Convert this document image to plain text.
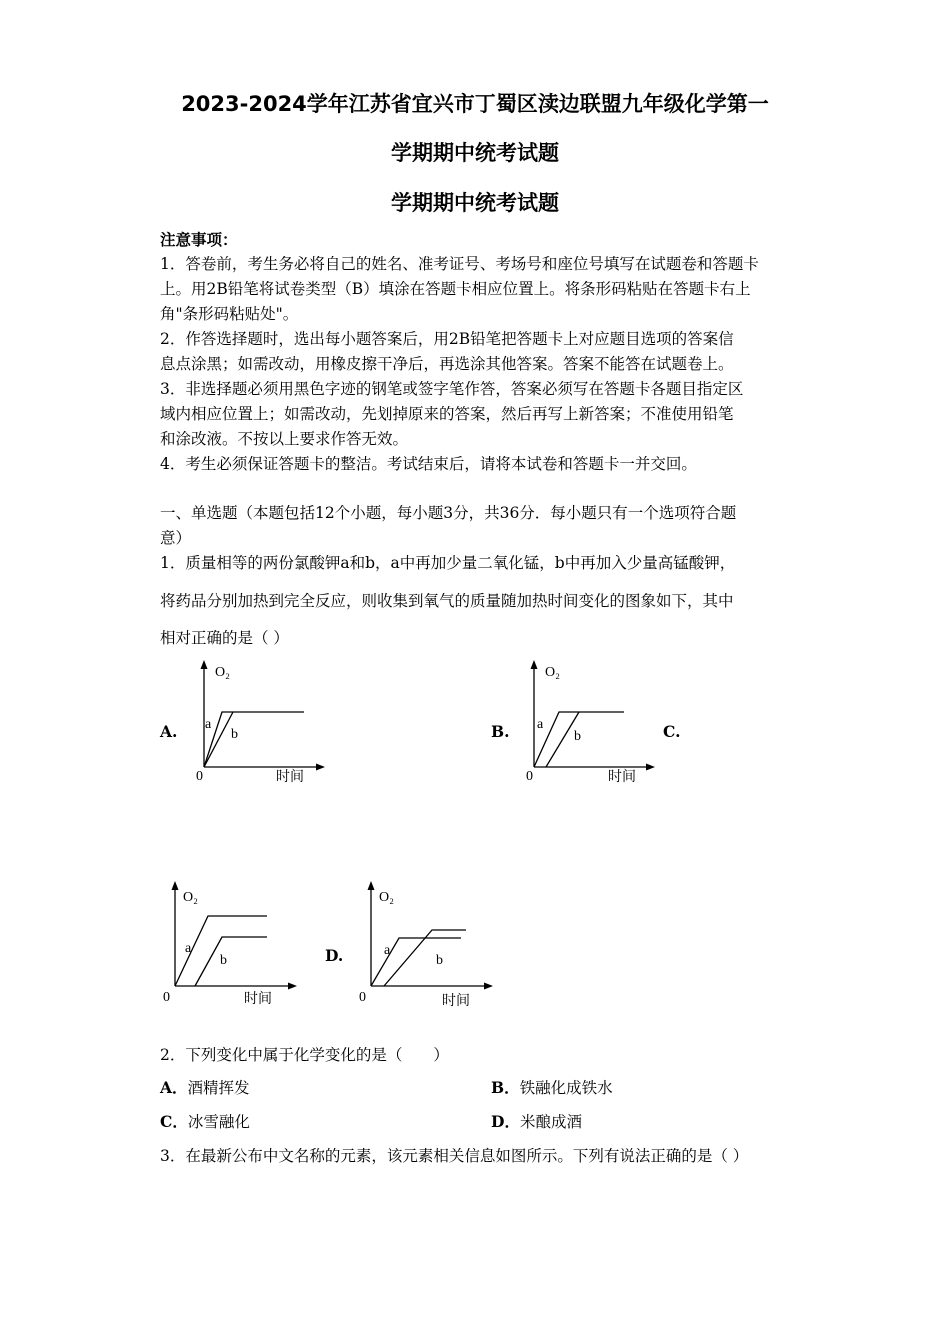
2023-2024学年江苏省宜兴市丁蜀区渎边联盟九年级化学第一
学期期中统考试题
学期期中统考试题
注意事项：
1．答卷前，考生务必将自己的姓名、准考证号、考场号和座位号填写在试题卷和答题卡
上。用2B铅笔将试卷类型（B）填涂在答题卡相应位置上。将条形码粘贴在答题卡右上
角"条形码粘贴处"。
2．作答选择题时，选出每小题答案后，用2B铅笔把答题卡上对应题目选项的答案信
息点涂黑；如需改动，用橡皮擦干净后，再选涂其他答案。答案不能答在试题卷上。
3．非选择题必须用黑色字迹的钢笔或签字笔作答，答案必须写在答题卡各题目指定区
域内相应位置上；如需改动，先划掉原来的答案，然后再写上新答案；不准使用铅笔
和涂改液。不按以上要求作答无效。
4．考生必须保证答题卡的整洁。考试结束后，请将本试卷和答题卡一并交回。
一、单选题（本题包括12个小题，每小题3分，共36分．每小题只有一个选项符合题
意）
1．质量相等的两份氯酸钾a和b，a中再加少量二氧化锰，b中再加入少量高锰酸钾，
将药品分别加热到完全反应，则收集到氧气的质量随加热时间变化的图象如下，其中
相对正确的是（ ）
A.
O₂
0	时间
a
b	B.
O₂
0	时间
a
b	C.
O₂
0	时间
a
b	D.
O₂
0	时间
a
b
2．下列变化中属于化学变化的是（　　）
A．酒精挥发	B．铁融化成铁水
C．冰雪融化	D．米酿成酒
3．在最新公布中文名称的元素，该元素相关信息如图所示。下列有说法正确的是（ ）
